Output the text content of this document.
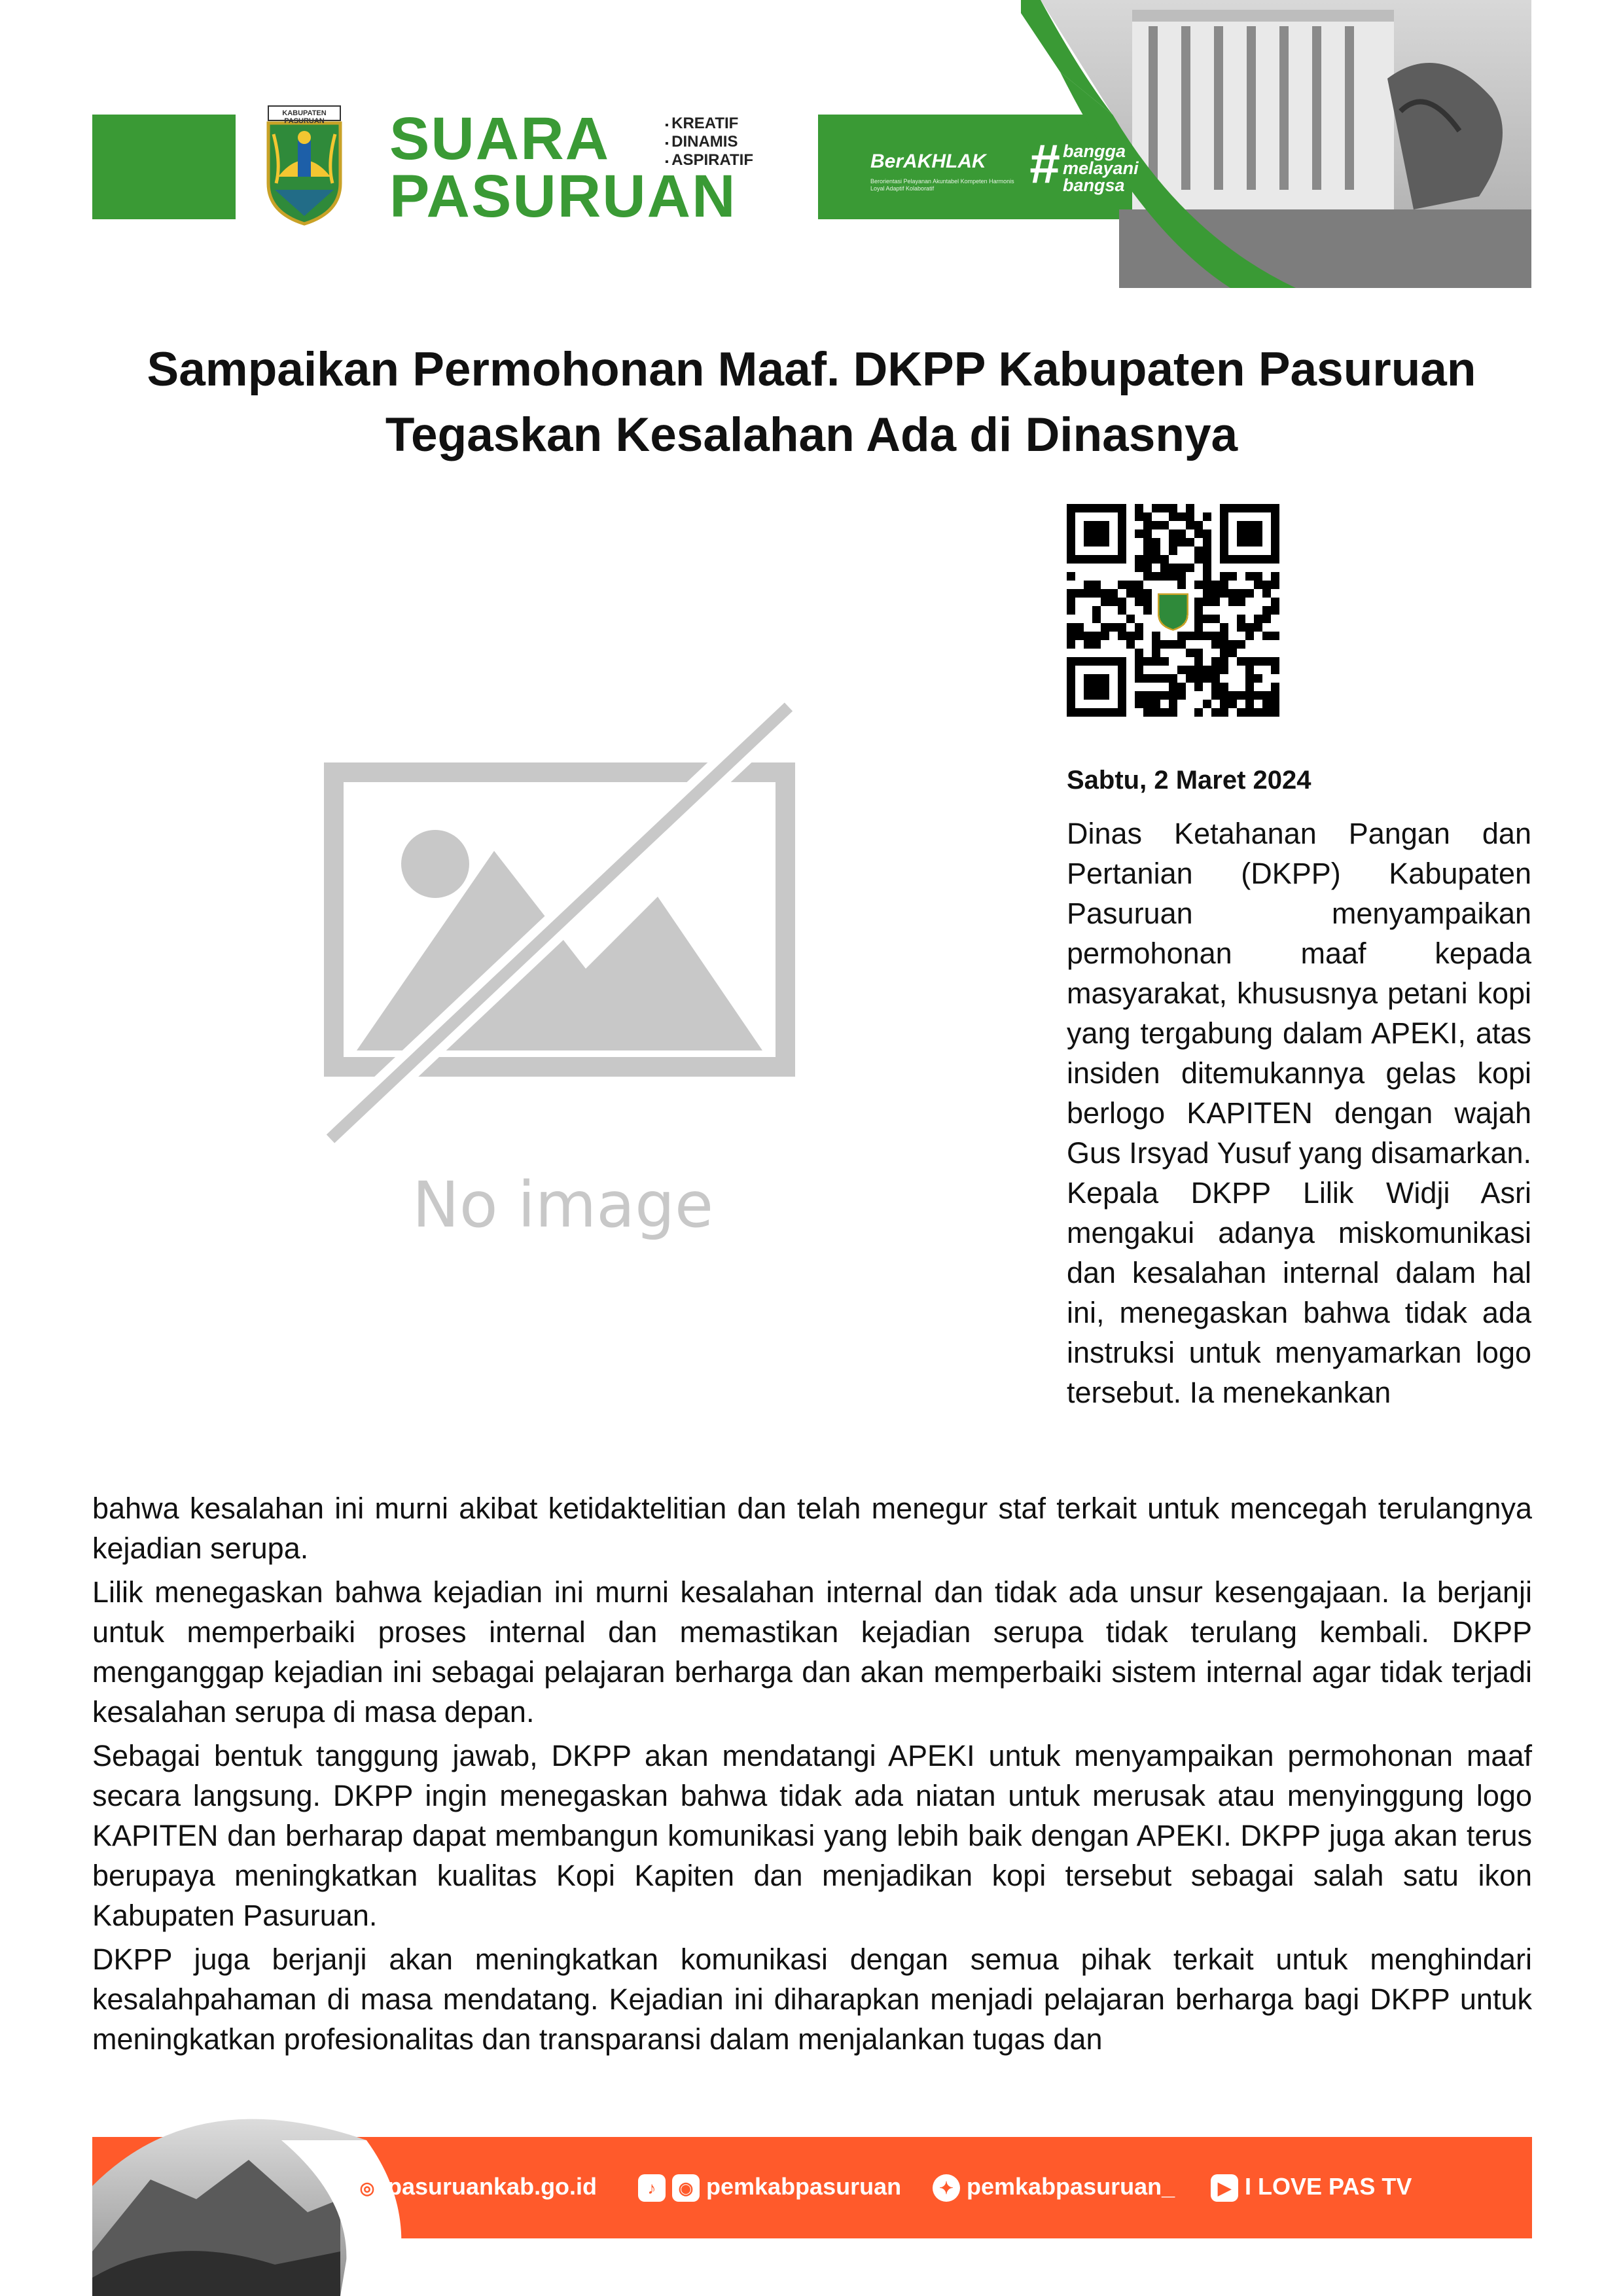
KABUPATEN PASURUAN SUARA
PASURUAN
▪ KREATIF
▪ DINAMIS
▪ ASPIRATIF	BerAKHLAK
Berorientasi Pelayanan Akuntabel Kompeten Harmonis Loyal Adaptif Kolaboratif	# bangga
melayani
bangsa
Sampaikan Permohonan Maaf. DKPP Kabupaten Pasuruan Tegaskan Kesalahan Ada di Dinasnya
No image
Sabtu, 2 Maret 2024

Dinas Ketahanan Pangan dan Pertanian (DKPP) Kabupaten Pasuruan menyampaikan permohonan maaf kepada masyarakat, khususnya petani kopi yang tergabung dalam APEKI, atas insiden ditemukannya gelas kopi berlogo KAPITEN dengan wajah Gus Irsyad Yusuf yang disamarkan. Kepala DKPP Lilik Widji Asri mengakui adanya miskomunikasi dan kesalahan internal dalam hal ini, menegaskan bahwa tidak ada instruksi untuk menyamarkan logo tersebut. Ia menekankan

bahwa kesalahan ini murni akibat ketidaktelitian dan telah menegur staf terkait untuk mencegah terulangnya kejadian serupa.

Lilik menegaskan bahwa kejadian ini murni kesalahan internal dan tidak ada unsur kesengajaan. Ia berjanji untuk memperbaiki proses internal dan memastikan kejadian serupa tidak terulang kembali. DKPP menganggap kejadian ini sebagai pelajaran berharga dan akan memperbaiki sistem internal agar tidak terjadi kesalahan serupa di masa depan.

Sebagai bentuk tanggung jawab, DKPP akan mendatangi APEKI untuk menyampaikan permohonan maaf secara langsung. DKPP ingin menegaskan bahwa tidak ada niatan untuk merusak atau menyinggung logo KAPITEN dan berharap dapat membangun komunikasi yang lebih baik dengan APEKI. DKPP juga akan terus berupaya meningkatkan kualitas Kopi Kapiten dan menjadikan kopi tersebut sebagai salah satu ikon Kabupaten Pasuruan.

DKPP juga berjanji akan meningkatkan komunikasi dengan semua pihak terkait untuk menghindari kesalahpahaman di masa mendatang. Kejadian ini diharapkan menjadi pelajaran berharga bagi DKPP untuk meningkatkan profesionalitas dan transparansi dalam menjalankan tugas dan

◎ pasuruankab.go.id	♪ ◉ pemkabpasuruan	✦ pemkabpasuruan_	▶ I LOVE PAS TV
